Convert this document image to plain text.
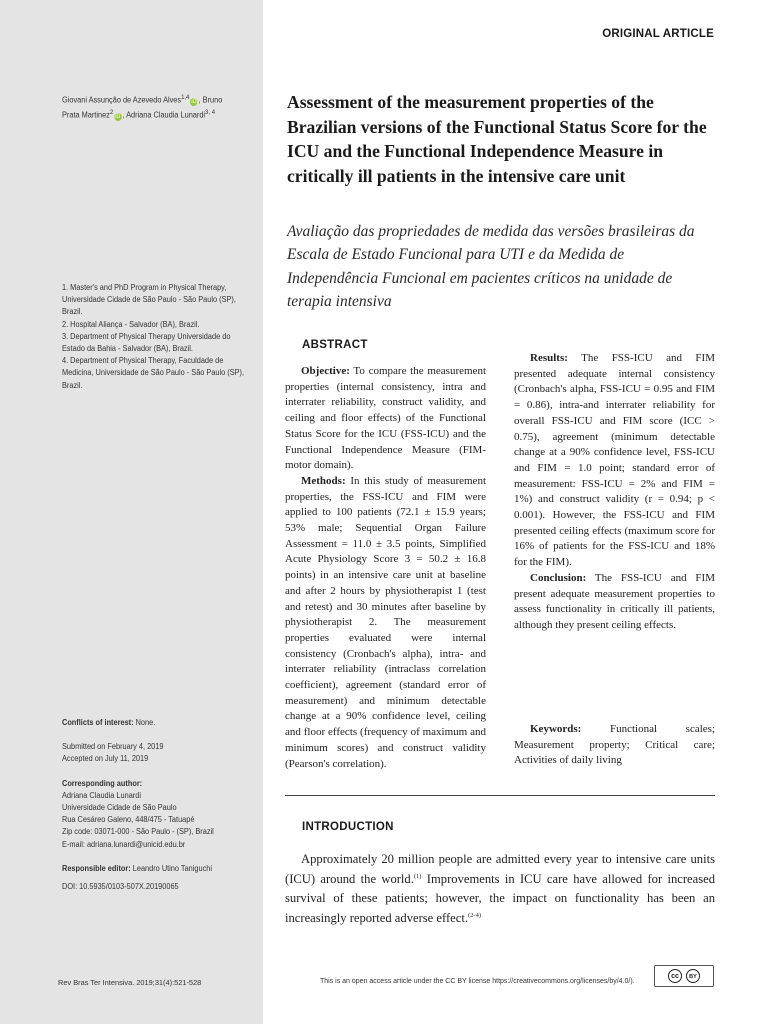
ORIGINAL ARTICLE
Giovani Assunção de Azevedo Alves$^{1,4}$iD , Bruno
Prata Martinez$^2$iD , Adriana Claudia Lunardi$^{3, 4}$

1. Master's and PhD Program in Physical Therapy, Universidade Cidade de São Paulo - São Paulo (SP), Brazil.

2. Hospital Aliança - Salvador (BA), Brazil.

3. Department of Physical Therapy Universidade do Estado da Bahia - Salvador (BA), Brazil.

4. Department of Physical Therapy, Faculdade de Medicina, Universidade de São Paulo - São Paulo (SP), Brazil.

Conflicts of interest: None.

Submitted on February 4, 2019

Accepted on July 11, 2019

Corresponding author:

Adriana Claudia Lunardi

Universidade Cidade de São Paulo

Rua Cesáreo Galeno, 448/475 - Tatuapé

Zip code: 03071-000 - São Paulo - (SP), Brazil

E-mail: adriana.lunardi@unicid.edu.br

Responsible editor: Leandro Utino Taniguchi

DOI: 10.5935/0103-507X.20190065

Assessment of the measurement properties of the Brazilian versions of the Functional Status Score for the ICU and the Functional Independence Measure in critically ill patients in the intensive care unit
Avaliação das propriedades de medida das versões brasileiras da Escala de Estado Funcional para UTI e da Medida de Independência Funcional em pacientes críticos na unidade de terapia intensiva
ABSTRACT

Objective: To compare the measurement properties (internal consistency, intra and interrater reliability, construct validity, and ceiling and floor effects) of the Functional Status Score for the ICU (FSS-ICU) and the Functional Independence Measure (FIM-motor domain).

Methods: In this study of measurement properties, the FSS-ICU and FIM were applied to 100 patients (72.1 ± 15.9 years; 53% male; Sequential Organ Failure Assessment = 11.0 ± 3.5 points, Simplified Acute Physiology Score 3 = 50.2 ± 16.8 points) in an intensive care unit at baseline and after 2 hours by physiotherapist 1 (test and retest) and 30 minutes after baseline by physiotherapist 2. The measurement properties evaluated were internal consistency (Cronbach's alpha), intra- and interrater reliability (intraclass correlation coefficient), agreement (standard error of measurement) and minimum detectable change at a 90% confidence level, ceiling and floor effects (frequency of maximum and minimum scores) and construct validity (Pearson's correlation).

Results: The FSS-ICU and FIM presented adequate internal consistency (Cronbach's alpha, FSS-ICU = 0.95 and FIM = 0.86), intra-and interrater reliability for overall FSS-ICU and FIM score (ICC > 0.75), agreement (minimum detectable change at a 90% confidence level, FSS-ICU and FIM = 1.0 point; standard error of measurement: FSS-ICU = 2% and FIM = 1%) and construct validity (r = 0.94; p < 0.001). However, the FSS-ICU and FIM presented ceiling effects (maximum score for 16% of patients for the FSS-ICU and 18% for the FIM).

Conclusion: The FSS-ICU and FIM present adequate measurement properties to assess functionality in critically ill patients, although they present ceiling effects.

Keywords: Functional scales; Measurement property; Critical care; Activities of daily living

INTRODUCTION
Approximately 20 million people are admitted every year to intensive care units (ICU) around the world.$^{(1)}$ Improvements in ICU care have allowed for increased survival of these patients; however, the impact on functionality has been an increasingly reported adverse effect.$^{(2-4)}$
Rev Bras Ter Intensiva. 2019;31(4):521-528	This is an open access article under the CC BY license https://creativecommons.org/licenses/by/4.0/).
cc	BY
